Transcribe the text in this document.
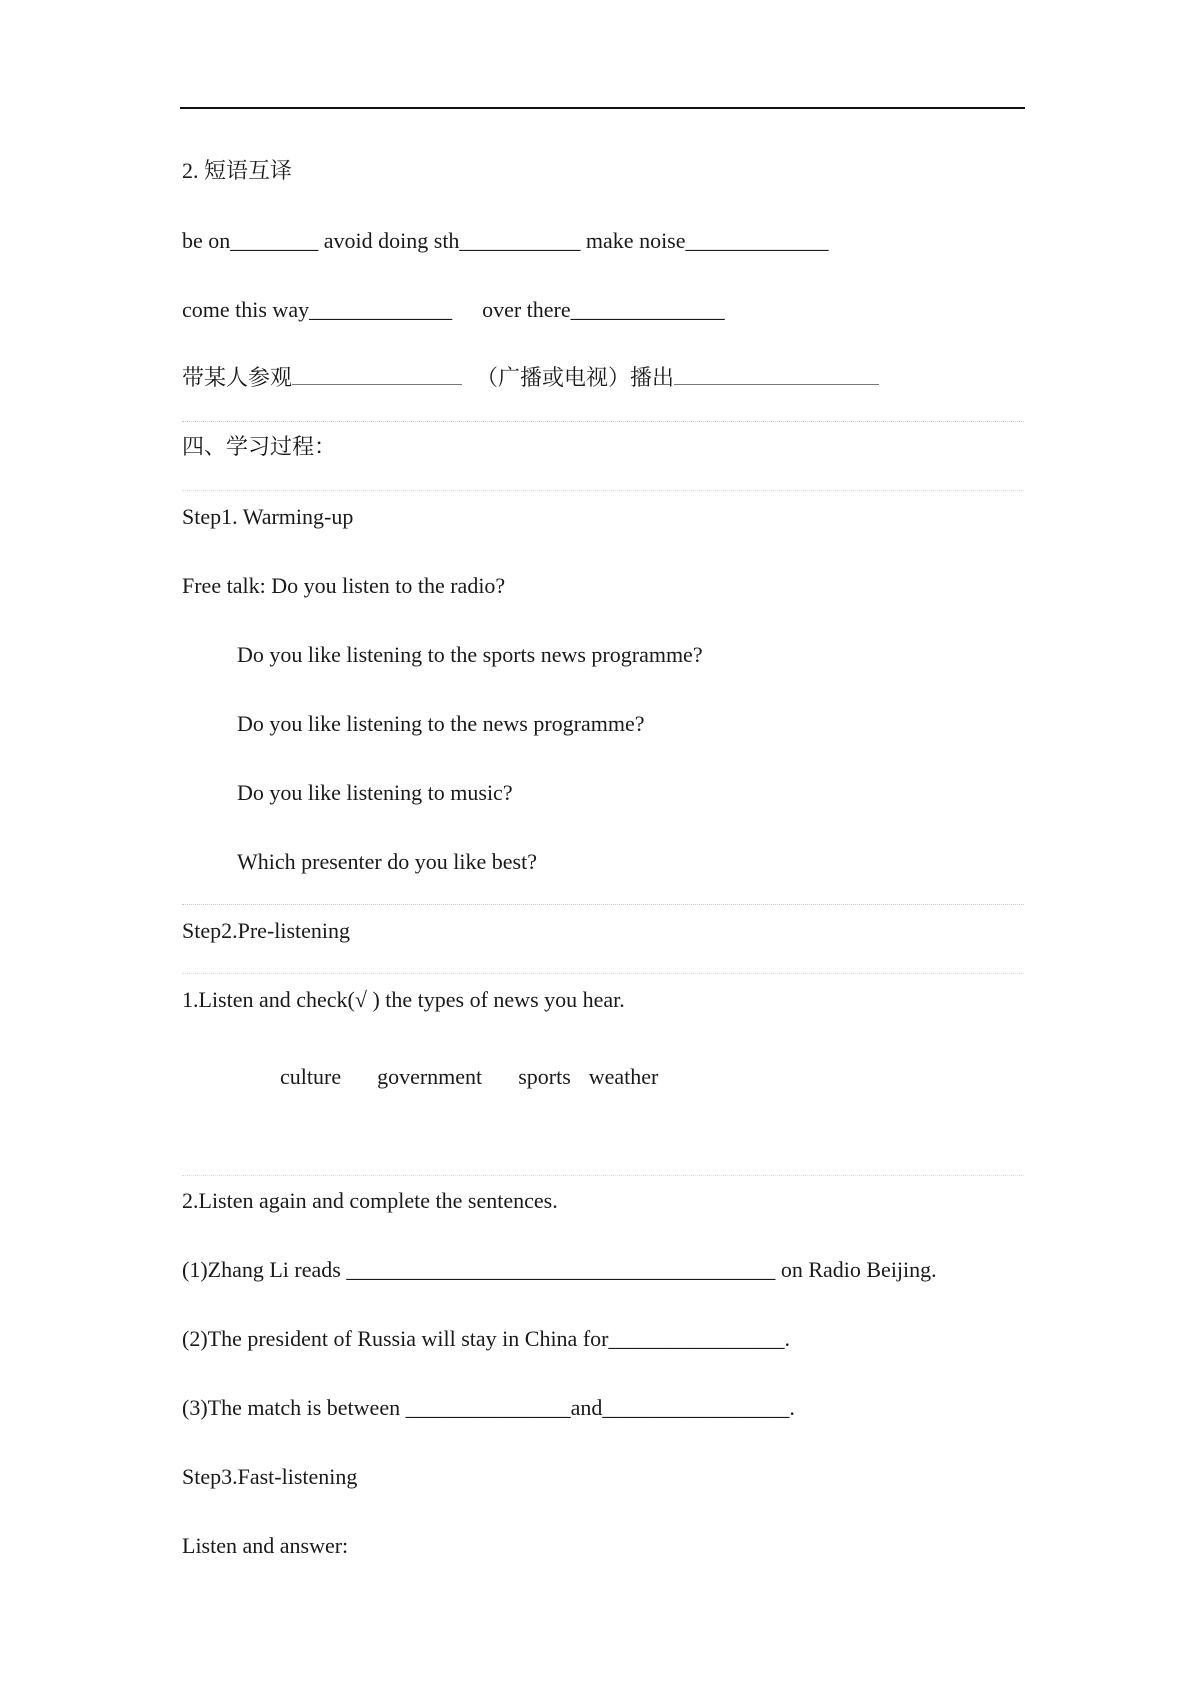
2. 短语互译
be on________ avoid doing sth___________ make noise_____________
come this way_____________ over there______________
带某人参观	（广播或电视）播出
四、学习过程：
Step1. Warming-up
Free talk: Do you listen to the radio?
Do you like listening to the sports news programme?
Do you like listening to the news programme?
Do you like listening to music?
Which presenter do you like best?
Step2.Pre-listening
1.Listen and check(√ ) the types of news you hear.
culture government sports weather
2.Listen again and complete the sentences.
(1)Zhang Li reads _______________________________________ on Radio Beijing.
(2)The president of Russia will stay in China for________________.
(3)The match is between _______________and_________________.
Step3.Fast-listening
Listen and answer:
